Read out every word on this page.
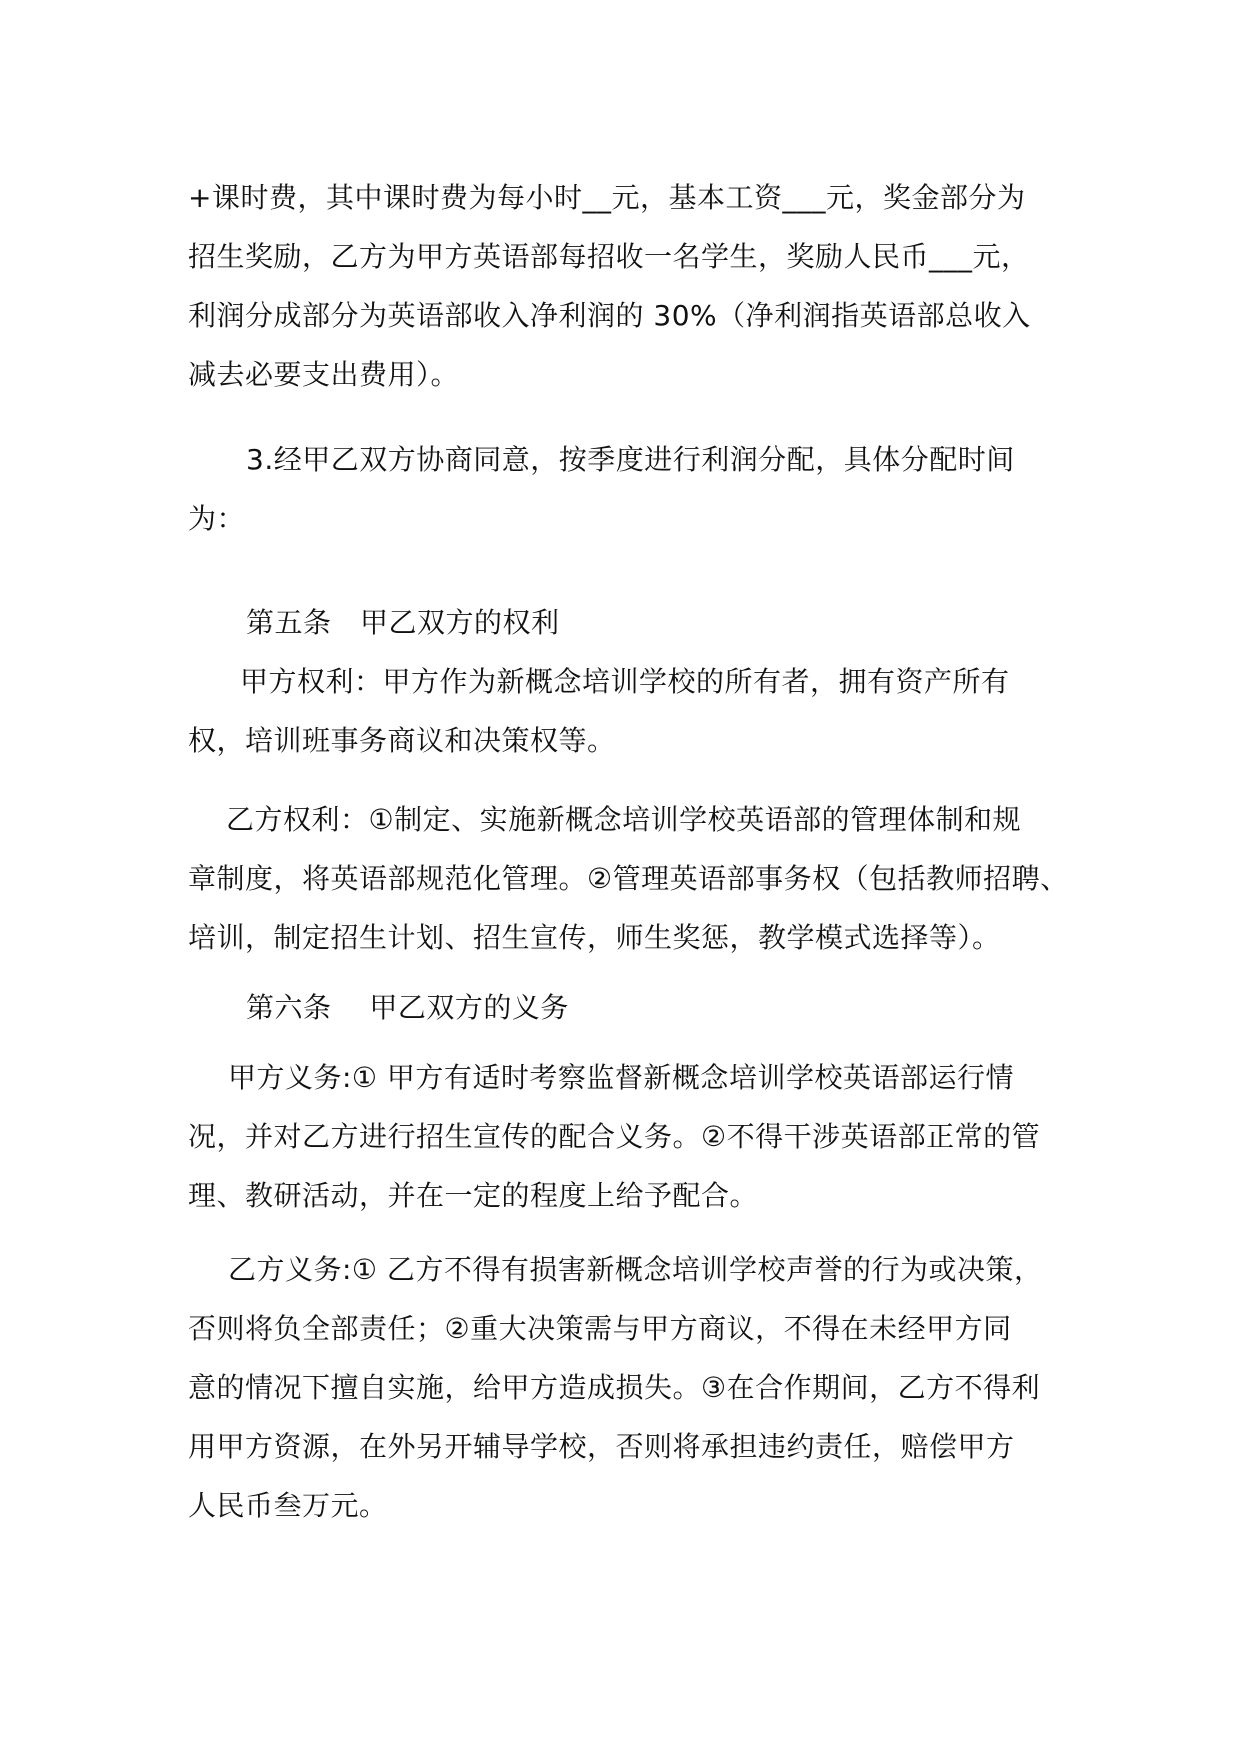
+课时费，其中课时费为每小时__元，基本工资___元，奖金部分为
招生奖励，乙方为甲方英语部每招收一名学生，奖励人民币___元，
利润分成部分为英语部收入净利润的 30%（净利润指英语部总收入
减去必要支出费用）。
3.经甲乙双方协商同意，按季度进行利润分配，具体分配时间
为：
第五条　甲乙双方的权利
甲方权利：甲方作为新概念培训学校的所有者，拥有资产所有
权，培训班事务商议和决策权等。
乙方权利：①制定、实施新概念培训学校英语部的管理体制和规
章制度，将英语部规范化管理。②管理英语部事务权（包括教师招聘、
培训，制定招生计划、招生宣传，师生奖惩，教学模式选择等）。
第六条　 甲乙双方的义务
甲方义务:① 甲方有适时考察监督新概念培训学校英语部运行情
况，并对乙方进行招生宣传的配合义务。②不得干涉英语部正常的管
理、教研活动，并在一定的程度上给予配合。
乙方义务:① 乙方不得有损害新概念培训学校声誉的行为或决策，
否则将负全部责任；②重大决策需与甲方商议，不得在未经甲方同
意的情况下擅自实施，给甲方造成损失。③在合作期间，乙方不得利
用甲方资源，在外另开辅导学校，否则将承担违约责任，赔偿甲方
人民币叁万元。
